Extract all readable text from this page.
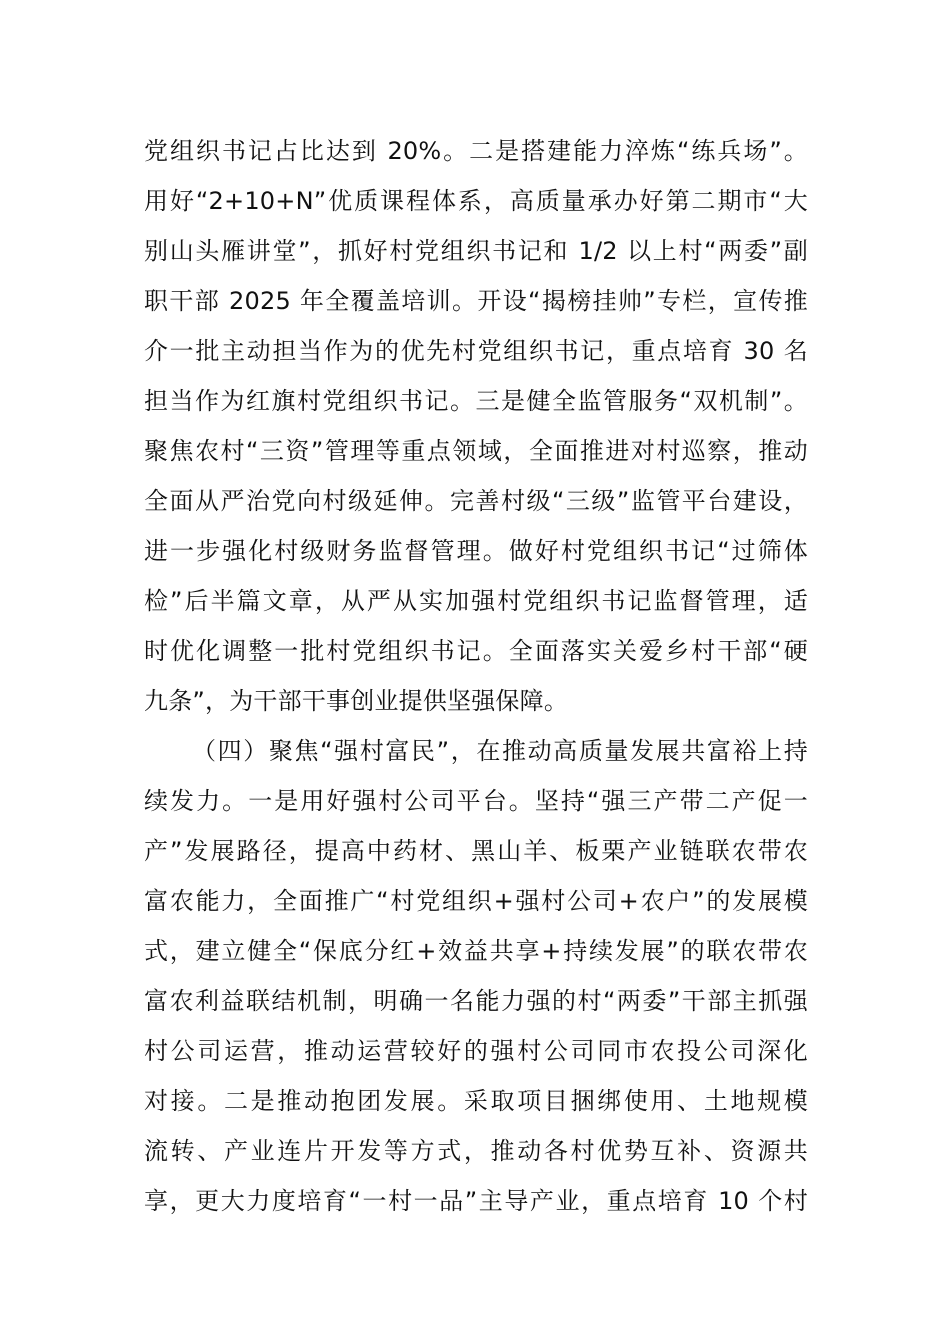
党组织书记占比达到 20%。二是搭建能力淬炼“练兵场”。
用好“2+10+N”优质课程体系，高质量承办好第二期市“大
别山头雁讲堂”，抓好村党组织书记和 1/2 以上村“两委”副
职干部 2025 年全覆盖培训。开设“揭榜挂帅”专栏，宣传推
介一批主动担当作为的优先村党组织书记，重点培育 30 名
担当作为红旗村党组织书记。三是健全监管服务“双机制”。
聚焦农村“三资”管理等重点领域，全面推进对村巡察，推动
全面从严治党向村级延伸。完善村级“三级”监管平台建设，
进一步强化村级财务监督管理。做好村党组织书记“过筛体
检”后半篇文章，从严从实加强村党组织书记监督管理，适
时优化调整一批村党组织书记。全面落实关爱乡村干部“硬
九条”，为干部干事创业提供坚强保障。
（四）聚焦“强村富民”，在推动高质量发展共富裕上持
续发力。一是用好强村公司平台。坚持“强三产带二产促一
产”发展路径，提高中药材、黑山羊、板栗产业链联农带农
富农能力，全面推广“村党组织+强村公司+农户”的发展模
式，建立健全“保底分红+效益共享+持续发展”的联农带农
富农利益联结机制，明确一名能力强的村“两委”干部主抓强
村公司运营，推动运营较好的强村公司同市农投公司深化
对接。二是推动抱团发展。采取项目捆绑使用、土地规模
流转、产业连片开发等方式，推动各村优势互补、资源共
享，更大力度培育“一村一品”主导产业，重点培育 10 个村
